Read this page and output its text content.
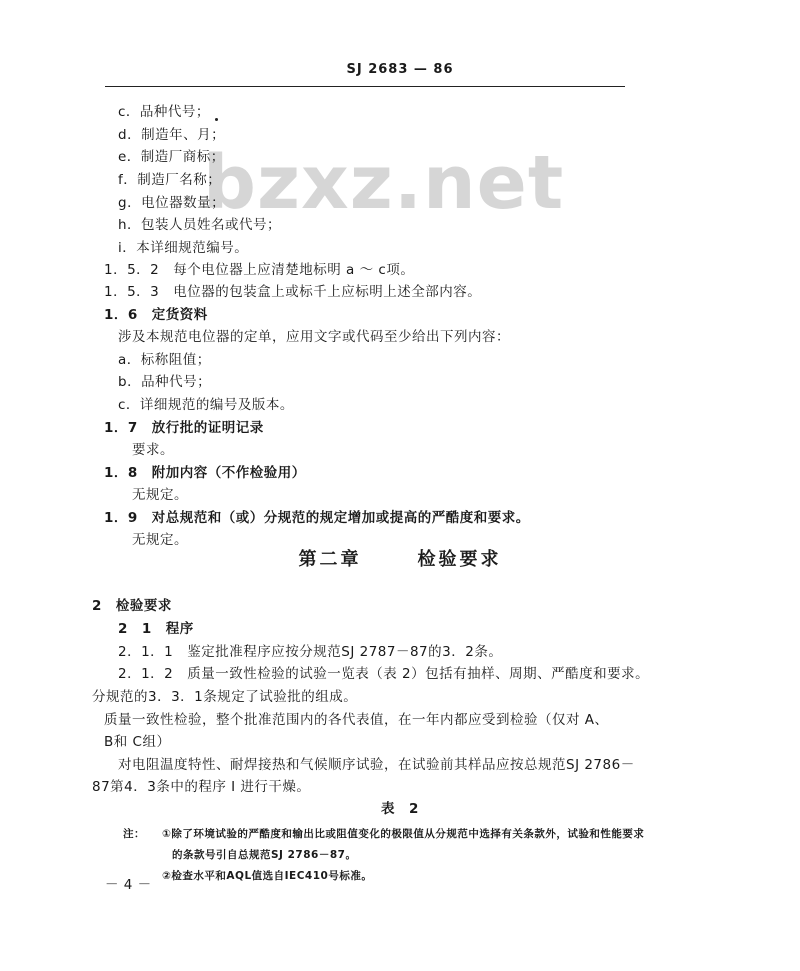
SJ 2683 — 86
bzxz.net
c．品种代号；
d．制造年、月；
e．制造厂商标；
f．制造厂名称；
g．电位器数量；
h．包装人员姓名或代号；
i．本详细规范编号。
1．5．2　每个电位器上应清楚地标明 a ～ c项。
1．5．3　电位器的包装盒上或标千上应标明上述全部内容。
1．6　定货资料
涉及本规范电位器的定单，应用文字或代码至少给出下列内容：
a．标称阻值；
b．品种代号；
c．详细规范的编号及版本。
1．7　放行批的证明记录
要求。
1．8　附加内容（不作检验用）
无规定。
1．9　对总规范和（或）分规范的规定增加或提高的严酷度和要求。
无规定。
第二章	检验要求
2　检验要求
2　1　程序
2．1．1　鉴定批准程序应按分规范SJ 2787－87的3．2条。
2．1．2　质量一致性检验的试验一览表（表 2）包括有抽样、周期、严酷度和要求。
分规范的3．3．1条规定了试验批的组成。
质量一致性检验，整个批准范围内的各代表值，在一年内都应受到检验（仅对 A、
B和 C组）
对电阻温度特性、耐焊接热和气候顺序试验，在试验前其样品应按总规范SJ 2786－
87第4．3条中的程序 I 进行干燥。
表　2
注： ①除了环境试验的严酷度和输出比或阻值变化的极限值从分规范中选择有关条款外，试验和性能要求
的条款号引自总规范SJ 2786－87。
②检查水平和AQL值选自IEC410号标准。
－ 4 －
